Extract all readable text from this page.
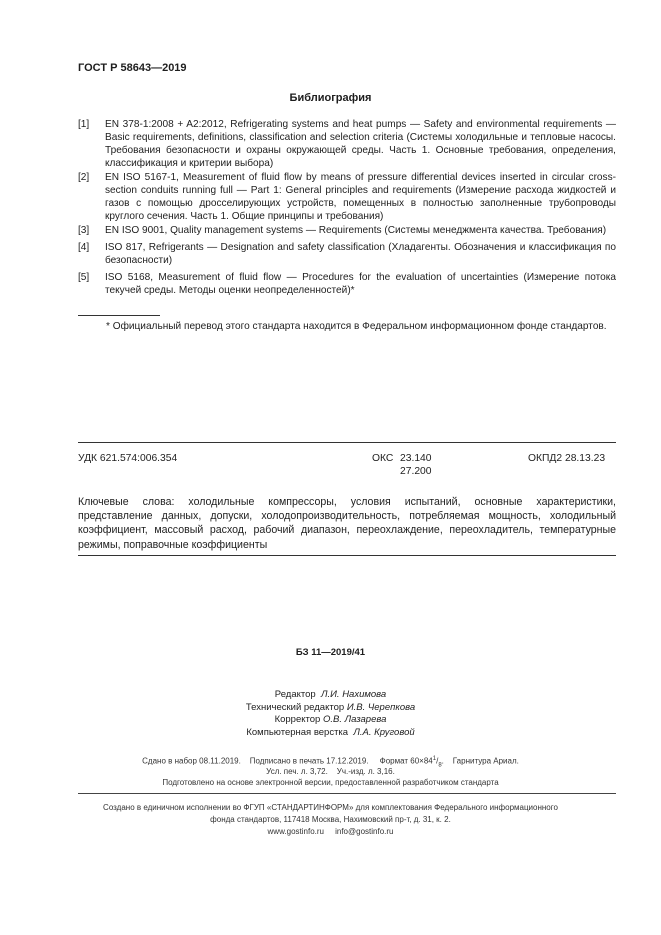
ГОСТ Р 58643—2019
Библиография
[1] EN 378-1:2008 + A2:2012, Refrigerating systems and heat pumps — Safety and environmental requirements — Basic requirements, definitions, classification and selection criteria (Системы холодильные и тепловые насосы. Требования безопасности и охраны окружающей среды. Часть 1. Основные требования, определения, классификация и критерии выбора)
[2] EN ISO 5167-1, Measurement of fluid flow by means of pressure differential devices inserted in circular cross-section conduits running full — Part 1: General principles and requirements (Измерение расхода жидкостей и газов с помощью дросселирующих устройств, помещенных в полностью заполненные трубопроводы круглого сечения. Часть 1. Общие принципы и требования)
[3] EN ISO 9001, Quality management systems — Requirements (Системы менеджмента качества. Требования)
[4] ISO 817, Refrigerants — Designation and safety classification (Хладагенты. Обозначения и классификация по безопасности)
[5] ISO 5168, Measurement of fluid flow — Procedures for the evaluation of uncertainties (Измерение потока текучей среды. Методы оценки неопределенностей)*
* Официальный перевод этого стандарта находится в Федеральном информационном фонде стандартов.
УДК 621.574:006.354	ОКС 23.140
27.200
ОКПД2 28.13.23
Ключевые слова: холодильные компрессоры, условия испытаний, основные характеристики, представление данных, допуски, холодопроизводительность, потребляемая мощность, холодильный коэффициент, массовый расход, рабочий диапазон, переохлаждение, переохладитель, температурные режимы, поправочные коэффициенты
БЗ 11—2019/41
Редактор Л.И. Нахимова
Технический редактор И.В. Черепкова
Корректор О.В. Лазарева
Компьютерная верстка Л.А. Круговой
Сдано в набор 08.11.2019. Подписано в печать 17.12.2019. Формат $60\times 84^1/_8$. Гарнитура Ариал.
Усл. печ. л. 3,72. Уч.-изд. л. 3,16.
Подготовлено на основе электронной версии, предоставленной разработчиком стандарта
Создано в единичном исполнении во ФГУП «СТАНДАРТИНФОРМ» для комплектования Федерального информационного
фонда стандартов, 117418 Москва, Нахимовский пр-т, д. 31, к. 2.
www.gostinfo.ru info@gostinfo.ru
